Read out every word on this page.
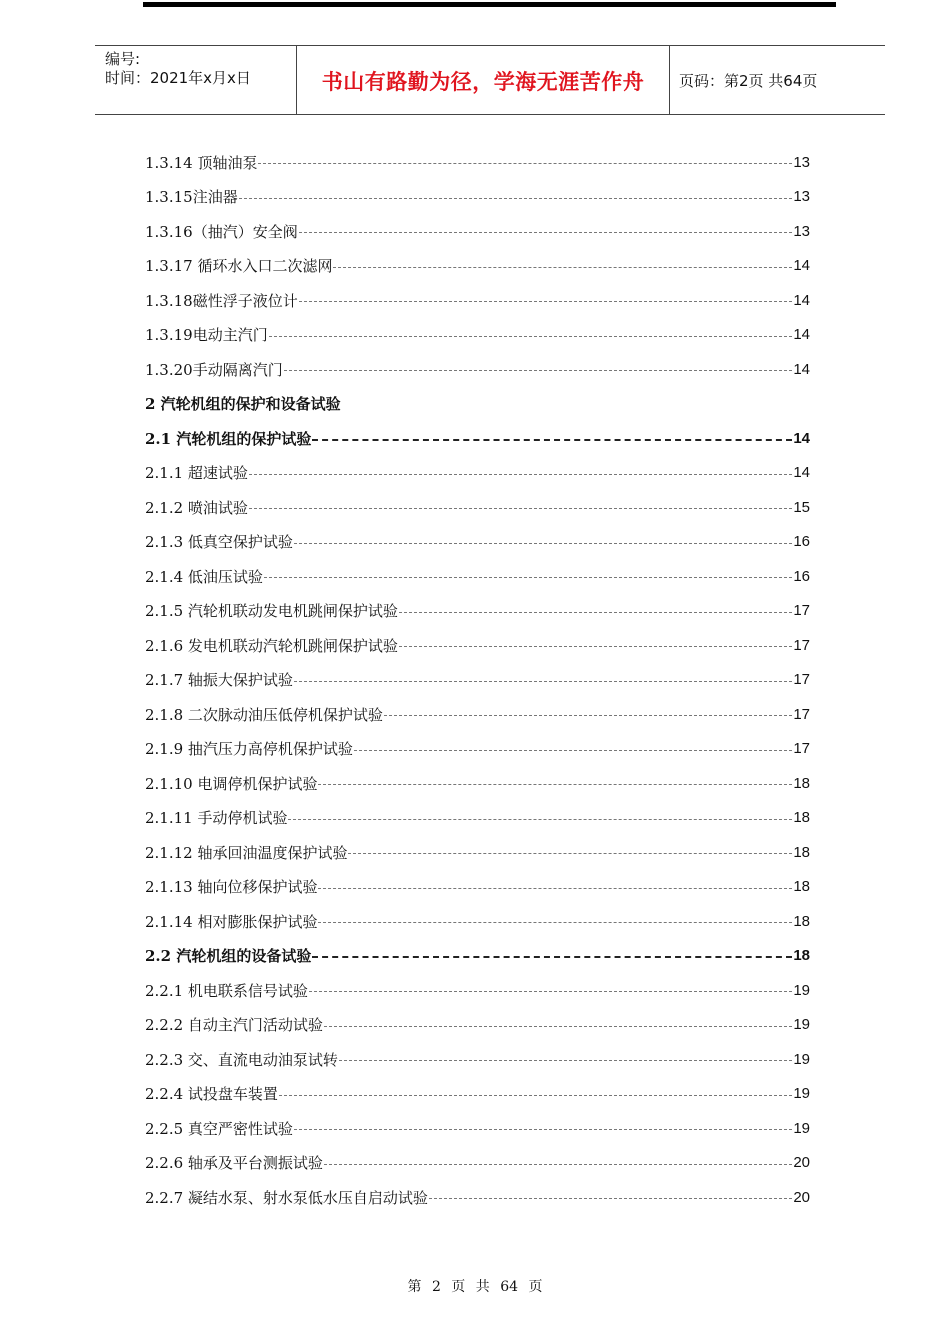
编号:
时间：2021年x月x日	书山有路勤为径，学海无涯苦作舟	页码：第2页 共64页
1.3.14 顶轴油泵	13
1.3.15注油器	13
1.3.16（抽汽）安全阀	13
1.3.17 循环水入口二次滤网	14
1.3.18磁性浮子液位计	14
1.3.19电动主汽门	14
1.3.20手动隔离汽门	14
2 汽轮机组的保护和设备试验
2.1 汽轮机组的保护试验	14
2.1.1 超速试验	14
2.1.2 喷油试验	15
2.1.3 低真空保护试验	16
2.1.4 低油压试验	16
2.1.5 汽轮机联动发电机跳闸保护试验	17
2.1.6 发电机联动汽轮机跳闸保护试验	17
2.1.7 轴振大保护试验	17
2.1.8 二次脉动油压低停机保护试验	17
2.1.9 抽汽压力高停机保护试验	17
2.1.10 电调停机保护试验	18
2.1.11 手动停机试验	18
2.1.12 轴承回油温度保护试验	18
2.1.13 轴向位移保护试验	18
2.1.14 相对膨胀保护试验	18
2.2 汽轮机组的设备试验	18
2.2.1 机电联系信号试验	19
2.2.2 自动主汽门活动试验	19
2.2.3 交、直流电动油泵试转	19
2.2.4 试投盘车装置	19
2.2.5 真空严密性试验	19
2.2.6 轴承及平台测振试验	20
2.2.7 凝结水泵、射水泵低水压自启动试验	20
第 2 页 共 64 页
